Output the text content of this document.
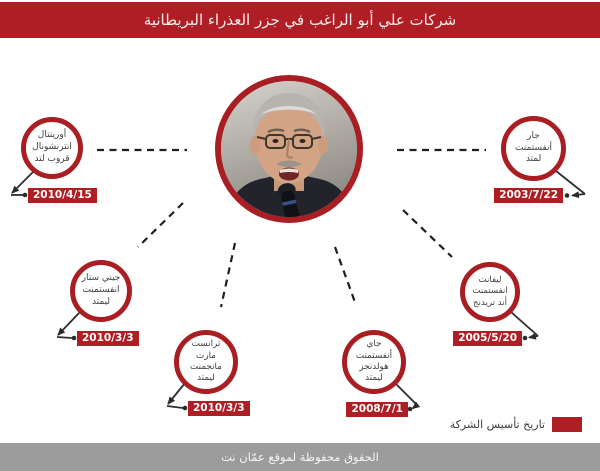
شركات علي أبو الراغب في جزر العذراء البريطانية
أورينتال
انترنشونال
قروب لتد
جار
أنفستمنت
لمتد
جيني ستار
انفستمنت
ليمتد
ليفانت
انفستمنت
أند تريدنج
ترانست
مارت
مانجمنت
ليمتد
جاي
أنفستمنت
هولدنجز
ليمتد
2010/4/15	2003/7/22
2010/3/3	2005/5/20
2010/3/3	2008/7/1
تاريخ تأسيس الشركة
الحقوق محفوظة لموقع عمّان نت
